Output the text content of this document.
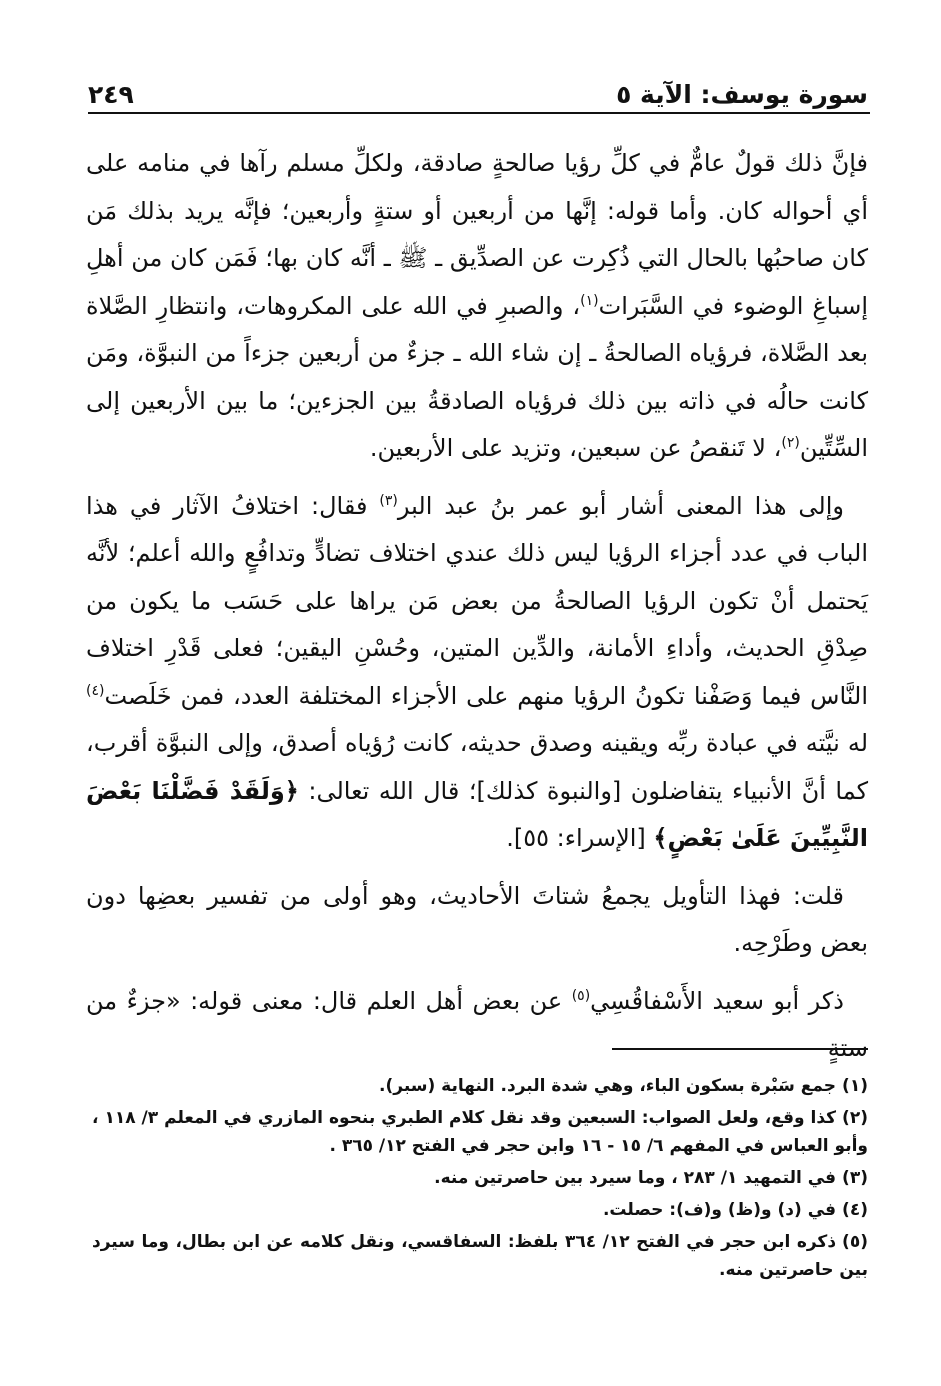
سورة يوسف: الآية ٥
٢٤٩

فإنَّ ذلك قولٌ عامٌّ في كلِّ رؤيا صالحةٍ صادقة، ولكلِّ مسلم رآها في منامه على أي أحواله كان. وأما قوله: إنَّها من أربعين أو ستةٍ وأربعين؛ فإنَّه يريد بذلك مَن كان صاحبُها بالحال التي ذُكِرت عن الصدِّيق ـ ﷺ ـ أنَّه كان بها؛ فَمَن كان من أهلِ إسباغِ الوضوء في السَّبَرات$^{(١)}$، والصبرِ في الله على المكروهات، وانتظارِ الصَّلاة بعد الصَّلاة، فرؤياه الصالحةُ ـ إن شاء الله ـ جزءٌ من أربعين جزءاً من النبوَّة، ومَن كانت حالُه في ذاته بين ذلك فرؤياه الصادقةُ بين الجزءين؛ ما بين الأربعين إلى السِّتِّين$^{(٢)}$، لا تَنقصُ عن سبعين، وتزيد على الأربعين.

وإلى هذا المعنى أشار أبو عمر بنُ عبد البر$^{(٣)}$ فقال: اختلافُ الآثار في هذا الباب في عدد أجزاء الرؤيا ليس ذلك عندي اختلاف تضادٍّ وتدافُعٍ والله أعلم؛ لأنَّه يَحتمل أنْ تكون الرؤيا الصالحةُ من بعض مَن يراها على حَسَب ما يكون من صِدْقِ الحديث، وأداءِ الأمانة، والدِّين المتين، وحُسْنِ اليقين؛ فعلى قَدْرِ اختلاف النَّاس فيما وَصَفْنا تكونُ الرؤيا منهم على الأجزاء المختلفة العدد، فمن خَلَصت$^{(٤)}$ له نيَّته في عبادة ربِّه ويقينه وصدق حديثه، كانت رُؤياه أصدق، وإلى النبوَّة أقرب، كما أنَّ الأنبياء يتفاضلون [والنبوة كذلك]؛ قال الله تعالى: ﴿وَلَقَدْ فَضَّلْنَا بَعْضَ النَّبِيِّينَ عَلَىٰ بَعْضٍ﴾ [الإسراء: ٥٥].

قلت: فهذا التأويل يجمعُ شتاتَ الأحاديث، وهو أولى من تفسير بعضِها دون بعض وطَرْحِه.

ذكر أبو سعيد الأَسْفاقُسِي$^{(٥)}$ عن بعض أهل العلم قال: معنى قوله: «جزءٌ من ستةٍ

(١)جمع سَبْرة بسكون الباء، وهي شدة البرد. النهاية (سبر).

(٢)كذا وقع، ولعل الصواب: السبعين وقد نقل كلام الطبري بنحوه المازري في المعلم ٣/ ١١٨ ، وأبو العباس في المفهم ٦/ ١٥ - ١٦ وابن حجر في الفتح ١٢/ ٣٦٥ .

(٣)في التمهيد ١/ ٢٨٣ ، وما سيرد بين حاصرتين منه.

(٤)في (د) و(ظ) و(ف): حصلت.

(٥)ذكره ابن حجر في الفتح ١٢/ ٣٦٤ بلفظ: السفاقسي، ونقل كلامه عن ابن بطال، وما سيرد بين حاصرتين منه.
